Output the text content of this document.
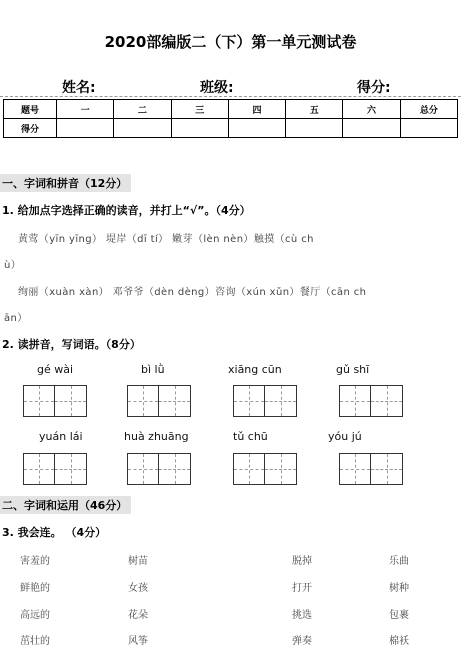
2020部编版二（下）第一单元测试卷
姓名:	班级:	得分:
题号	一	二	三	四	五	六	总分
得分							
一、字词和拼音（12分）
1. 给加点字选择正确的读音，并打上“√”。（4分）
黄莺（yīn yīng） 堤岸（dī tí） 嫩芽（lèn nèn）触摸（cù ch
ù）
绚丽（xuàn xàn） 邓爷爷（dèn dèng）咨询（xún xǔn）餐厅（cān ch
ān）
2. 读拼音，写词语。（8分）
gé wài	bì lǜ	xiāng cūn	gǔ shī
yuán lái	huà zhuāng	tǔ chū	yóu jú
二、字词和运用（46分）
3. 我会连。 （4分）
害羞的	树苗	脱掉	乐曲
鲜艳的	女孩	打开	树种
高远的	花朵	挑选	包裹
茁壮的	风筝	弹奏	棉袄
